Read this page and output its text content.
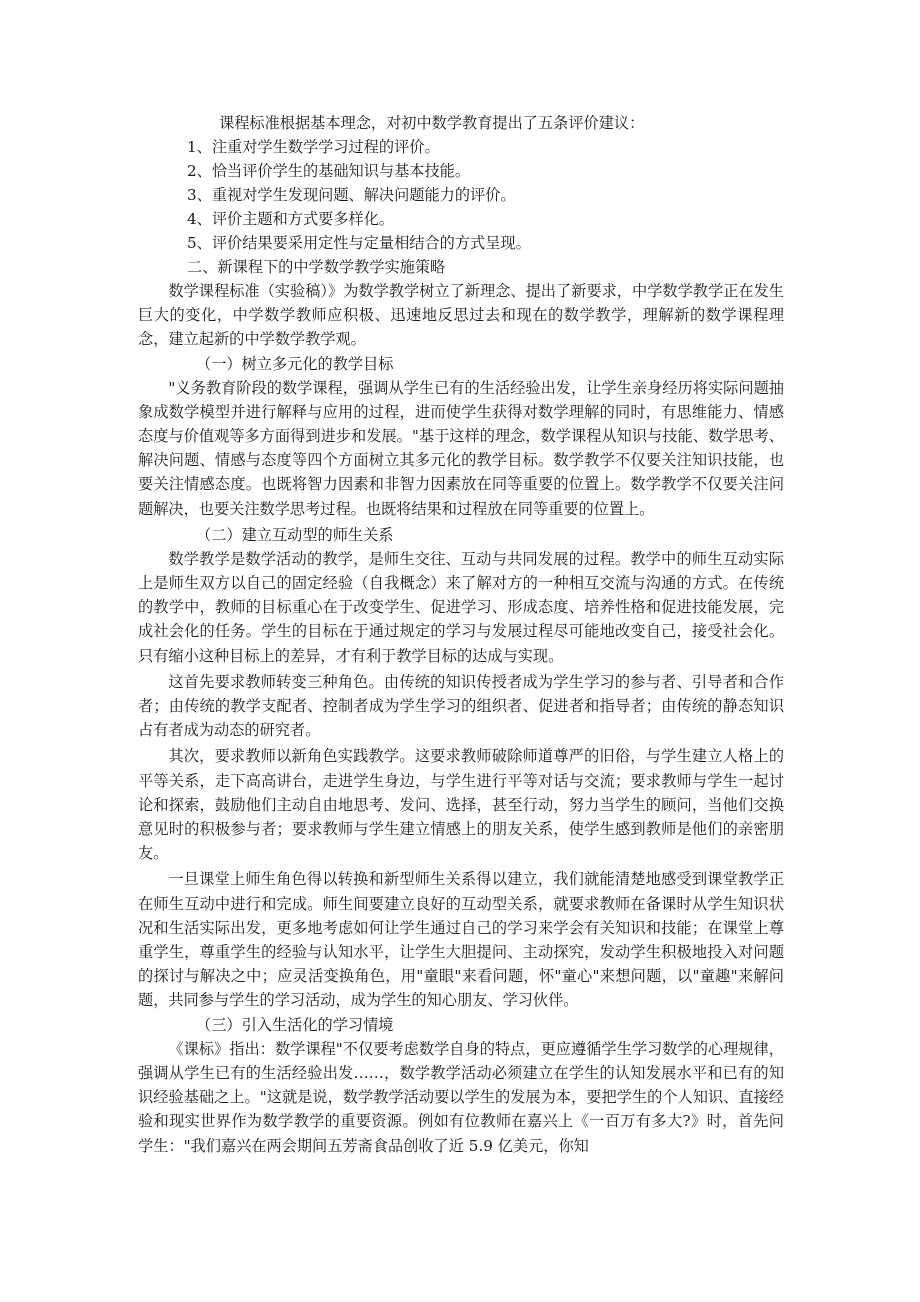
课程标准根据基本理念，对初中数学教育提出了五条评价建议：
1、注重对学生数学学习过程的评价。
2、恰当评价学生的基础知识与基本技能。
3、重视对学生发现问题、解决问题能力的评价。
4、评价主题和方式要多样化。
5、评价结果要采用定性与定量相结合的方式呈现。
二、新课程下的中学数学教学实施策略

数学课程标准（实验稿）》为数学教学树立了新理念、提出了新要求，中学数学教学正在发生巨大的变化，中学数学教师应积极、迅速地反思过去和现在的数学教学，理解新的数学课程理念，建立起新的中学数学教学观。

（一）树立多元化的教学目标

"义务教育阶段的数学课程，强调从学生已有的生活经验出发，让学生亲身经历将实际问题抽象成数学模型并进行解释与应用的过程，进而使学生获得对数学理解的同时，有思维能力、情感态度与价值观等多方面得到进步和发展。"基于这样的理念，数学课程从知识与技能、数学思考、解决问题、情感与态度等四个方面树立其多元化的教学目标。数学教学不仅要关注知识技能，也要关注情感态度。也既将智力因素和非智力因素放在同等重要的位置上。数学教学不仅要关注问题解决，也要关注数学思考过程。也既将结果和过程放在同等重要的位置上。

（二）建立互动型的师生关系

数学教学是数学活动的教学，是师生交往、互动与共同发展的过程。教学中的师生互动实际上是师生双方以自己的固定经验（自我概念）来了解对方的一种相互交流与沟通的方式。在传统的教学中，教师的目标重心在于改变学生、促进学习、形成态度、培养性格和促进技能发展，完成社会化的任务。学生的目标在于通过规定的学习与发展过程尽可能地改变自己，接受社会化。只有缩小这种目标上的差异，才有利于教学目标的达成与实现。

这首先要求教师转变三种角色。由传统的知识传授者成为学生学习的参与者、引导者和合作者；由传统的教学支配者、控制者成为学生学习的组织者、促进者和指导者；由传统的静态知识占有者成为动态的研究者。

其次，要求教师以新角色实践教学。这要求教师破除师道尊严的旧俗，与学生建立人格上的平等关系，走下高高讲台，走进学生身边，与学生进行平等对话与交流；要求教师与学生一起讨论和探索，鼓励他们主动自由地思考、发问、选择，甚至行动，努力当学生的顾问，当他们交换意见时的积极参与者；要求教师与学生建立情感上的朋友关系，使学生感到教师是他们的亲密朋友。

一旦课堂上师生角色得以转换和新型师生关系得以建立，我们就能清楚地感受到课堂教学正在师生互动中进行和完成。师生间要建立良好的互动型关系，就要求教师在备课时从学生知识状况和生活实际出发，更多地考虑如何让学生通过自己的学习来学会有关知识和技能；在课堂上尊重学生，尊重学生的经验与认知水平，让学生大胆提问、主动探究，发动学生积极地投入对问题的探讨与解决之中；应灵活变换角色，用"童眼"来看问题，怀"童心"来想问题，以"童趣"来解问题，共同参与学生的学习活动，成为学生的知心朋友、学习伙伴。

（三）引入生活化的学习情境

《课标》指出：数学课程"不仅要考虑数学自身的特点，更应遵循学生学习数学的心理规律，强调从学生已有的生活经验出发……，数学教学活动必须建立在学生的认知发展水平和已有的知识经验基础之上。"这就是说，数学教学活动要以学生的发展为本，要把学生的个人知识、直接经验和现实世界作为数学教学的重要资源。例如有位教师在嘉兴上《一百万有多大?》时，首先问学生："我们嘉兴在两会期间五芳斋食品创收了近 5.9 亿美元，你知
